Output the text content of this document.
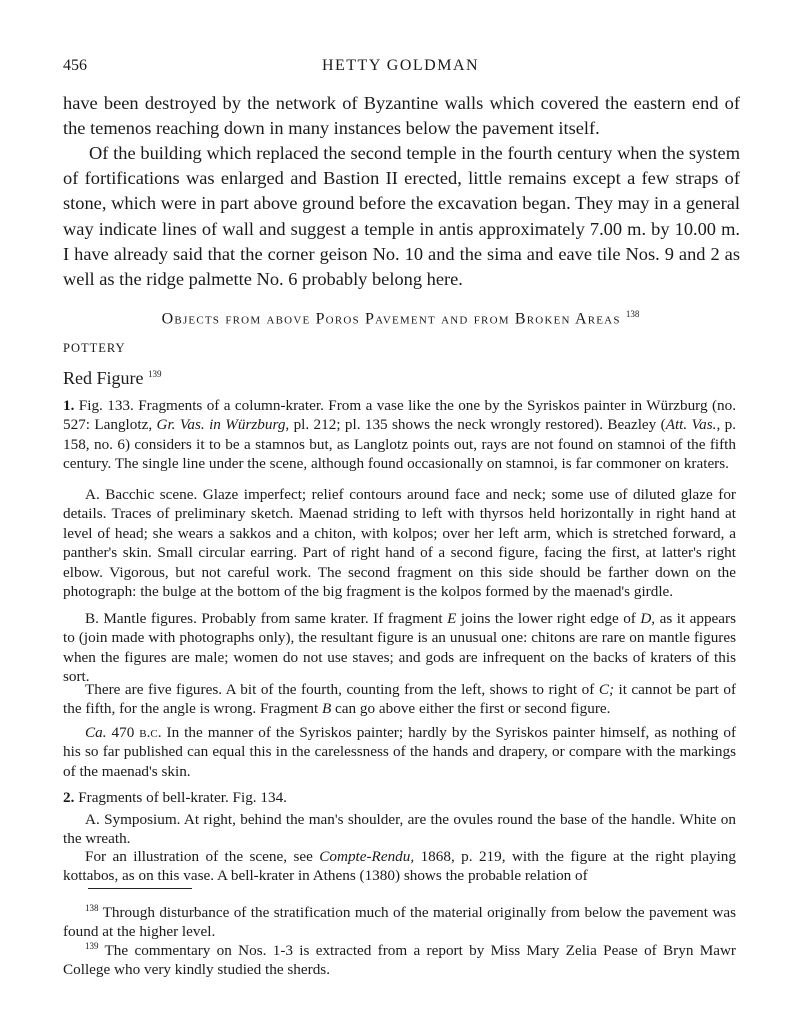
456	HETTY GOLDMAN

have been destroyed by the network of Byzantine walls which covered the eastern end of the temenos reaching down in many instances below the pavement itself.

Of the building which replaced the second temple in the fourth century when the system of fortifications was enlarged and Bastion II erected, little remains except a few straps of stone, which were in part above ground before the excavation began. They may in a general way indicate lines of wall and suggest a temple in antis approximately 7.00 m. by 10.00 m. I have already said that the corner geison No. 10 and the sima and eave tile Nos. 9 and 2 as well as the ridge palmette No. 6 probably belong here.

Objects from above Poros Pavement and from Broken Areas $^{138}$
POTTERY
Red Figure $^{139}$

1. Fig. 133. Fragments of a column-krater. From a vase like the one by the Syriskos painter in Würzburg (no. 527: Langlotz, Gr. Vas. in Würzburg, pl. 212; pl. 135 shows the neck wrongly restored). Beazley (Att. Vas., p. 158, no. 6) considers it to be a stamnos but, as Langlotz points out, rays are not found on stamnoi of the fifth century. The single line under the scene, although found occasionally on stamnoi, is far commoner on kraters.

A. Bacchic scene. Glaze imperfect; relief contours around face and neck; some use of diluted glaze for details. Traces of preliminary sketch. Maenad striding to left with thyrsos held horizontally in right hand at level of head; she wears a sakkos and a chiton, with kolpos; over her left arm, which is stretched forward, a panther's skin. Small circular earring. Part of right hand of a second figure, facing the first, at latter's right elbow. Vigorous, but not careful work. The second fragment on this side should be farther down on the photograph: the bulge at the bottom of the big fragment is the kolpos formed by the maenad's girdle.

B. Mantle figures. Probably from same krater. If fragment E joins the lower right edge of D, as it appears to (join made with photographs only), the resultant figure is an unusual one: chitons are rare on mantle figures when the figures are male; women do not use staves; and gods are infrequent on the backs of kraters of this sort.

There are five figures. A bit of the fourth, counting from the left, shows to right of C; it cannot be part of the fifth, for the angle is wrong. Fragment B can go above either the first or second figure.

Ca. 470 b.c. In the manner of the Syriskos painter; hardly by the Syriskos painter himself, as nothing of his so far published can equal this in the carelessness of the hands and drapery, or compare with the markings of the maenad's skin.

2. Fragments of bell-krater. Fig. 134.

A. Symposium. At right, behind the man's shoulder, are the ovules round the base of the handle. White on the wreath.

For an illustration of the scene, see Compte-Rendu, 1868, p. 219, with the figure at the right playing kottabos, as on this vase. A bell-krater in Athens (1380) shows the probable relation of

$^{138}$ Through disturbance of the stratification much of the material originally from below the pavement was found at the higher level.

$^{139}$ The commentary on Nos. 1-3 is extracted from a report by Miss Mary Zelia Pease of Bryn Mawr College who very kindly studied the sherds.
